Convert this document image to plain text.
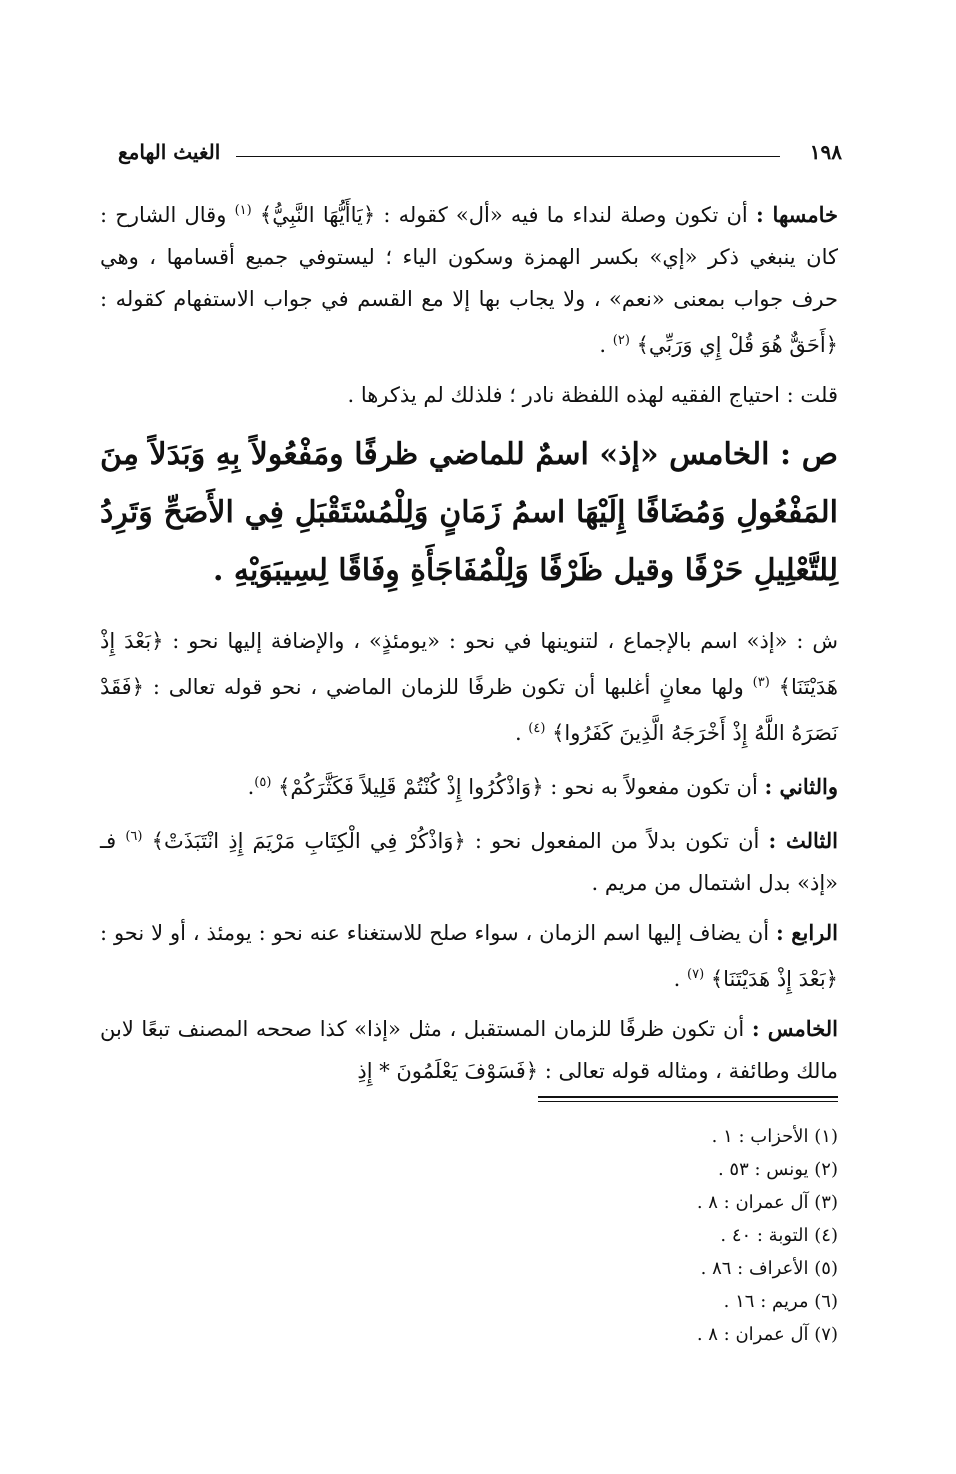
١٩٨
الغيث الهامع

خامسها : أن تكون وصلة لنداء ما فيه «أل» كقوله : ﴿يَاأَيُّهَا النَّبِيُّ﴾ $^{(١)}$ وقال الشارح : كان ينبغي ذكر «إي» بكسر الهمزة وسكون الياء ؛ ليستوفي جميع أقسامها ، وهي حرف جواب بمعنى «نعم» ، ولا يجاب بها إلا مع القسم في جواب الاستفهام كقوله : ﴿أَحَقٌّ هُوَ قُلْ إِي وَرَبِّي﴾ $^{(٢)}$ .

قلت : احتياج الفقيه لهذه اللفظة نادر ؛ فلذلك لم يذكرها .

ص : الخامس «إذ» اسمٌ للماضي ظرفًا ومَفْعُولاً بِهِ وَبَدَلاً مِنَ المَفْعُولِ وَمُضَافًا إِلَيْهَا اسمُ زَمَانٍ وَلِلْمُسْتَقْبَلِ فِي الأَصَحِّ وَتَرِدُ لِلتَّعْلِيلِ حَرْفًا وقيل ظَرْفًا وَلِلْمُفَاجَأَةِ وِفَاقًا لِسِيبَوَيْهِ .

ش : «إذ» اسم بالإجماع ، لتنوينها في نحو : «يومئذٍ» ، والإضافة إليها نحو : ﴿بَعْدَ إِذْ هَدَيْتَنَا﴾ $^{(٣)}$ ولها معانٍ أغلبها أن تكون ظرفًا للزمان الماضي ، نحو قوله تعالى : ﴿فَقَدْ نَصَرَهُ اللَّهُ إِذْ أَخْرَجَهُ الَّذِينَ كَفَرُوا﴾ $^{(٤)}$ .

والثاني : أن تكون مفعولاً به نحو : ﴿وَاذْكُرُوا إِذْ كُنْتُمْ قَلِيلاً فَكَثَّرَكُمْ﴾ $^{(٥)}$.

الثالث : أن تكون بدلاً من المفعول نحو : ﴿وَاذْكُرْ فِي الْكِتَابِ مَرْيَمَ إِذِ انْتَبَذَتْ﴾ $^{(٦)}$ فـ «إذ» بدل اشتمال من مريم .

الرابع : أن يضاف إليها اسم الزمان ، سواء صلح للاستغناء عنه نحو : يومئذ ، أو لا نحو : ﴿بَعْدَ إِذْ هَدَيْتَنَا﴾ $^{(٧)}$ .

الخامس : أن تكون ظرفًا للزمان المستقبل ، مثل «إذا» كذا صححه المصنف تبعًا لابن مالك وطائفة ، ومثاله قوله تعالى : ﴿فَسَوْفَ يَعْلَمُونَ * إِذِ

(١) الأحزاب : ١ .
(٢) يونس : ٥٣ .
(٣) آل عمران : ٨ .
(٤) التوبة : ٤٠ .
(٥) الأعراف : ٨٦ .
(٦) مريم : ١٦ .
(٧) آل عمران : ٨ .
